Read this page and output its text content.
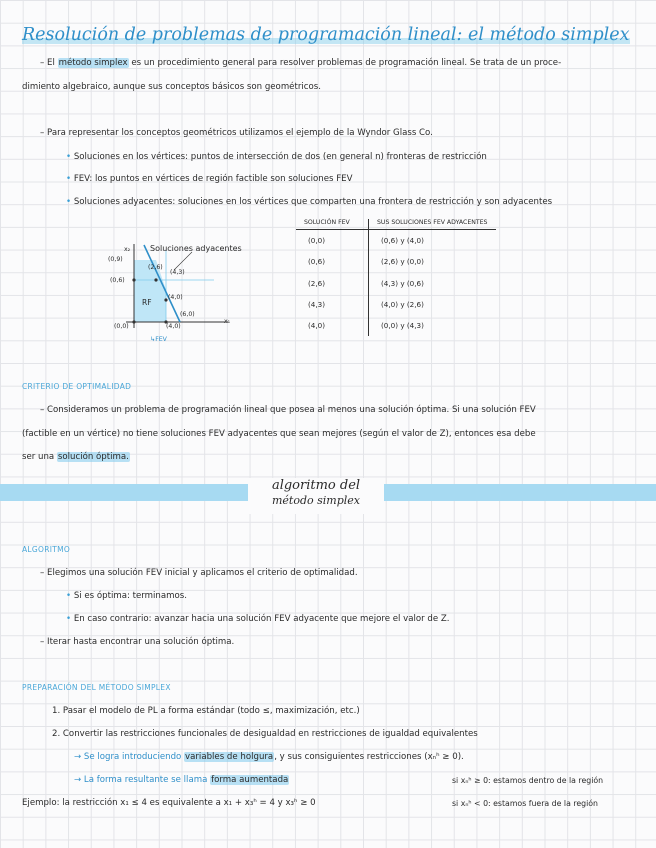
Resolución de problemas de programación lineal: el método simplex
– El método simplex es un procedimiento general para resolver problemas de programación lineal. Se trata de un proce-
dimiento algebraico, aunque sus conceptos básicos son geométricos.
– Para representar los conceptos geométricos utilizamos el ejemplo de la Wyndor Glass Co.
• Soluciones en los vértices: puntos de intersección de dos (en general n) fronteras de restricción
• FEV: los puntos en vértices de región factible son soluciones FEV
• Soluciones adyacentes: soluciones en los vértices que comparten una frontera de restricción y son adyacentes
Soluciones adyacentes
x₂
x₁
(0,9)
(0,6)
(2,6)
(4,3)
(4,0)
(0,0)
(6,0)
(4,0)
RF
↳FEV
SOLUCIÓN FEV	SUS SOLUCIONES FEV ADYACENTES
(0,0)	(0,6) y (4,0)
(0,6)	(2,6) y (0,0)
(2,6)	(4,3) y (0,6)
(4,3)	(4,0) y (2,6)
(4,0)	(0,0) y (4,3)
CRITERIO DE OPTIMALIDAD
– Consideramos un problema de programación lineal que posea al menos una solución óptima. Si una solución FEV
(factible en un vértice) no tiene soluciones FEV adyacentes que sean mejores (según el valor de Z), entonces esa debe
ser una solución óptima.
algoritmo del
método simplex
ALGORITMO
– Elegimos una solución FEV inicial y aplicamos el criterio de optimalidad.
• Si es óptima: terminamos.
• En caso contrario: avanzar hacia una solución FEV adyacente que mejore el valor de Z.
– Iterar hasta encontrar una solución óptima.
PREPARACIÓN DEL MÉTODO SIMPLEX
1. Pasar el modelo de PL a forma estándar (todo ≤, maximización, etc.)
2. Convertir las restricciones funcionales de desigualdad en restricciones de igualdad equivalentes
→ Se logra introduciendo variables de holgura, y sus consiguientes restricciones (xₙʰ ≥ 0).
→ La forma resultante se llama forma aumentada	si xₙʰ ≥ 0: estamos dentro de la región
Ejemplo: la restricción x₁ ≤ 4 es equivalente a x₁ + x₃ʰ = 4 y x₃ʰ ≥ 0	si xₙʰ < 0: estamos fuera de la región
